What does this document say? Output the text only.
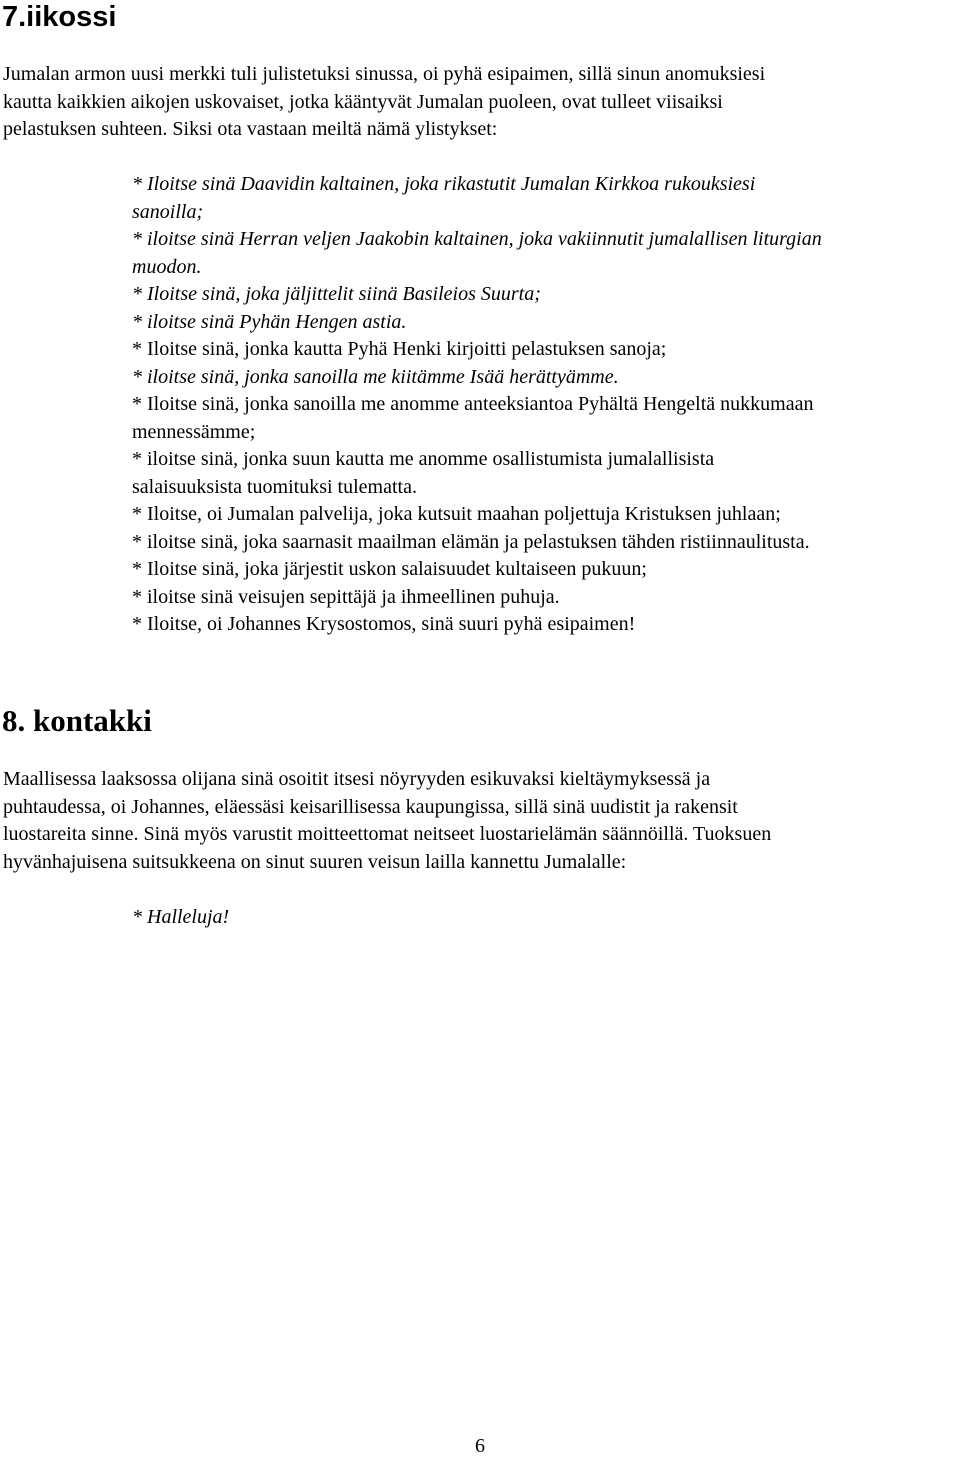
7.iikossi

Jumalan armon uusi merkki tuli julistetuksi sinussa, oi pyhä esipaimen, sillä sinun anomuksiesi
kautta kaikkien aikojen uskovaiset, jotka kääntyvät Jumalan puoleen, ovat tulleet viisaiksi
pelastuksen suhteen. Siksi ota vastaan meiltä nämä ylistykset:

* Iloitse sinä Daavidin kaltainen, joka rikastutit Jumalan Kirkkoa rukouksiesi
sanoilla;
* iloitse sinä Herran veljen Jaakobin kaltainen, joka vakiinnutit jumalallisen liturgian
muodon.
* Iloitse sinä, joka jäljittelit siinä Basileios Suurta;
* iloitse sinä Pyhän Hengen astia.
* Iloitse sinä, jonka kautta Pyhä Henki kirjoitti pelastuksen sanoja;
* iloitse sinä, jonka sanoilla me kiitämme Isää herättyämme.
* Iloitse sinä, jonka sanoilla me anomme anteeksiantoa Pyhältä Hengeltä nukkumaan
mennessämme;
* iloitse sinä, jonka suun kautta me anomme osallistumista jumalallisista
salaisuuksista tuomituksi tulematta.
* Iloitse, oi Jumalan palvelija, joka kutsuit maahan poljettuja Kristuksen juhlaan;
* iloitse sinä, joka saarnasit maailman elämän ja pelastuksen tähden ristiinnaulitusta.
* Iloitse sinä, joka järjestit uskon salaisuudet kultaiseen pukuun;
* iloitse sinä veisujen sepittäjä ja ihmeellinen puhuja.
* Iloitse, oi Johannes Krysostomos, sinä suuri pyhä esipaimen!
8. kontakki

Maallisessa laaksossa olijana sinä osoitit itsesi nöyryyden esikuvaksi kieltäymyksessä ja
puhtaudessa, oi Johannes, eläessäsi keisarillisessa kaupungissa, sillä sinä uudistit ja rakensit
luostareita sinne. Sinä myös varustit moitteettomat neitseet luostarielämän säännöillä. Tuoksuen
hyvänhajuisena suitsukkeena on sinut suuren veisun lailla kannettu Jumalalle:

* Halleluja!

6
